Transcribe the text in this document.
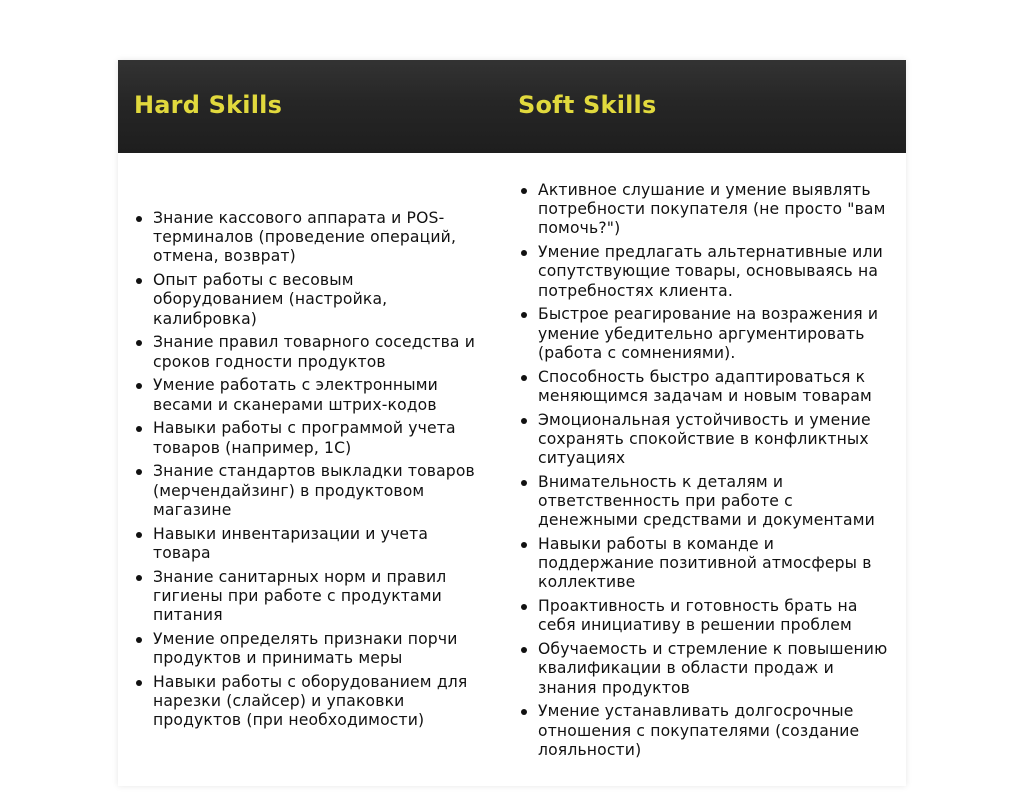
Hard Skills	Soft Skills
Знание кассового аппарата и POS-терминалов (проведение операций, отмена, возврат)
Опыт работы с весовым оборудованием (настройка, калибровка)
Знание правил товарного соседства и сроков годности продуктов
Умение работать с электронными весами и сканерами штрих-кодов
Навыки работы с программой учета товаров (например, 1С)
Знание стандартов выкладки товаров (мерчендайзинг) в продуктовом магазине
Навыки инвентаризации и учета товара
Знание санитарных норм и правил гигиены при работе с продуктами питания
Умение определять признаки порчи продуктов и принимать меры
Навыки работы с оборудованием для нарезки (слайсер) и упаковки продуктов (при необходимости)
Активное слушание и умение выявлять потребности покупателя (не просто "вам помочь?")
Умение предлагать альтернативные или сопутствующие товары, основываясь на потребностях клиента.
Быстрое реагирование на возражения и умение убедительно аргументировать (работа с сомнениями).
Способность быстро адаптироваться к меняющимся задачам и новым товарам
Эмоциональная устойчивость и умение сохранять спокойствие в конфликтных ситуациях
Внимательность к деталям и ответственность при работе с денежными средствами и документами
Навыки работы в команде и поддержание позитивной атмосферы в коллективе
Проактивность и готовность брать на себя инициативу в решении проблем
Обучаемость и стремление к повышению квалификации в области продаж и знания продуктов
Умение устанавливать долгосрочные отношения с покупателями (создание лояльности)
